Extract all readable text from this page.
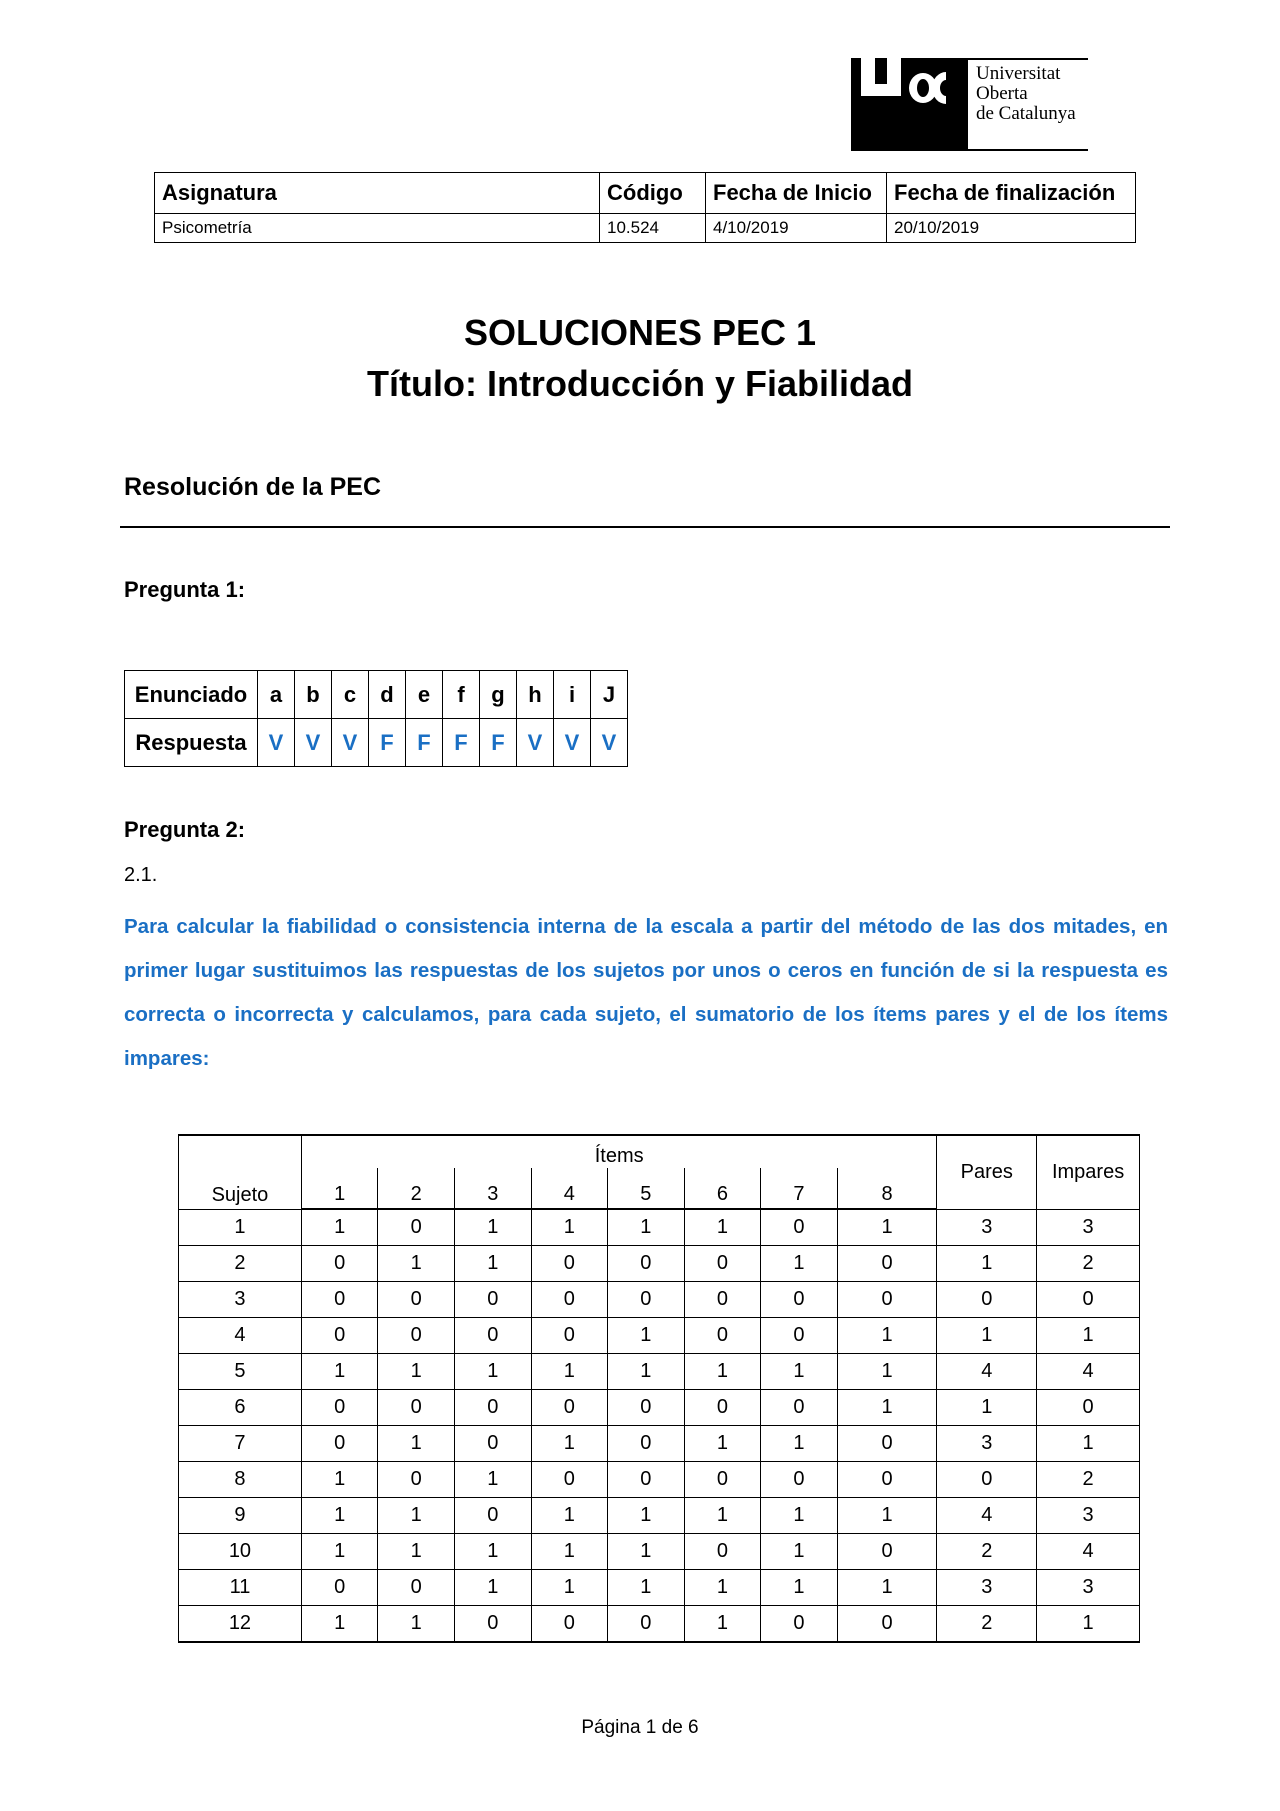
Universitat
Oberta
de Catalunya
Asignatura	Código	Fecha de Inicio	Fecha de finalización
Psicometría	10.524	4/10/2019	20/10/2019
SOLUCIONES PEC 1
Título: Introducción y Fiabilidad
Resolución de la PEC
Pregunta 1:
Enunciado	a	b	c	d	e	f	g	h	i	J
Respuesta	V	V	V	F	F	F	F	V	V	V
Pregunta 2:
2.1.
Para calcular la fiabilidad o consistencia interna de la escala a partir del método de las dos mitades, en primer lugar sustituimos las respuestas de los sujetos por unos o ceros en función de si la respuesta es correcta o incorrecta y calculamos, para cada sujeto, el sumatorio de los ítems pares y el de los ítems impares:
Sujeto	Ítems								Pares	Impares
	1	2	3	4	5	6	7	8		
1	1	0	1	1	1	1	0	1	3	3
2	0	1	1	0	0	0	1	0	1	2
3	0	0	0	0	0	0	0	0	0	0
4	0	0	0	0	1	0	0	1	1	1
5	1	1	1	1	1	1	1	1	4	4
6	0	0	0	0	0	0	0	1	1	0
7	0	1	0	1	0	1	1	0	3	1
8	1	0	1	0	0	0	0	0	0	2
9	1	1	0	1	1	1	1	1	4	3
10	1	1	1	1	1	0	1	0	2	4
11	0	0	1	1	1	1	1	1	3	3
12	1	1	0	0	0	1	0	0	2	1
Página 1 de 6
